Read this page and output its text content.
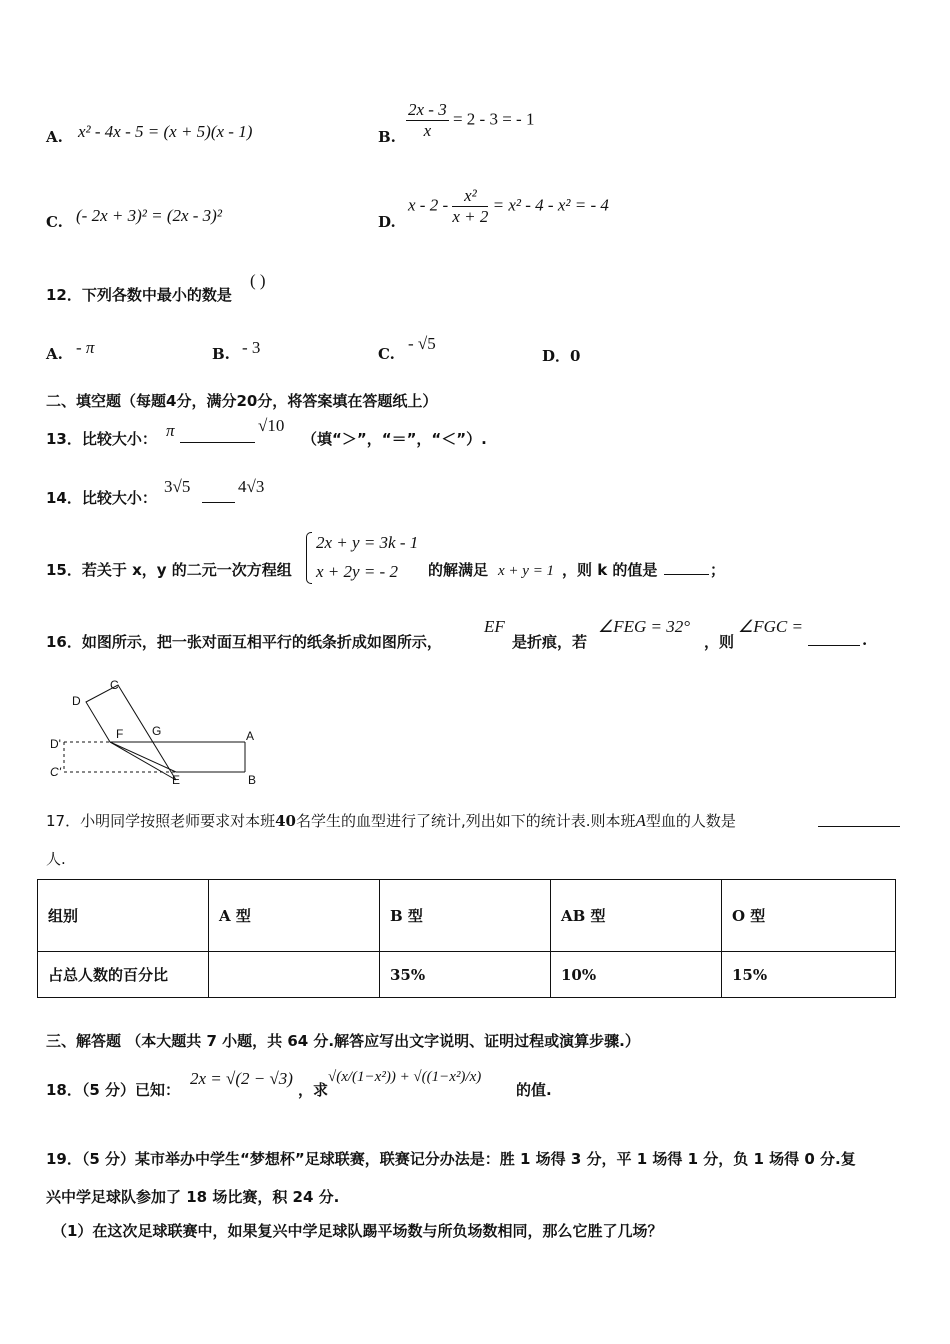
A. x² - 4x - 5 = (x + 5)(x - 1)	B. $\frac{2x - 3}{x} = 2 - 3$ = - 1
C. (- 2x + 3)² = (2x - 3)²	D.
$x - 2 - \frac{\text{x²}}{x + 2} = x^2 - 4 - x^2$ = - 4
12．下列各数中最小的数是
( )
A. - π	B. - 3	C.
- √5
D．0
二、填空题（每题4分，满分20分，将答案填在答题纸上）
13．比较大小： π	√10
（填“＞”，“＝”，“＜”）.
14．比较大小：
3√5	4√3
15．若关于 x，y 的二元一次方程组
2x + y = 3k - 1
x + 2y = - 2 的解满足 x + y = 1 ，则 k 的值是	；
16．如图所示，把一张对面互相平行的纸条折成如图所示，
EF
是折痕，若
∠FEG = 32°
，则
∠FGC =
.
D
C
F G	A
D'
C'
E	B
17．小明同学按照老师要求对本班40名学生的血型进行了统计,列出如下的统计表.则本班A型血的人数是
人.
组别	A 型	B 型	AB 型	O 型
占总人数的百分比		35%	10%	15%
三、解答题 （本大题共 7 小题，共 64 分.解答应写出文字说明、证明过程或演算步骤.）
18．（5 分）已知：
2x = √(2 − √3)
，求
√(x/(1−x²)) + √((1−x²)/x)
的值.
19．（5 分）某市举办中学生“梦想杯”足球联赛，联赛记分办法是：胜 1 场得 3 分，平 1 场得 1 分，负 1 场得 0 分.复
兴中学足球队参加了 18 场比赛，积 24 分.
（1）在这次足球联赛中，如果复兴中学足球队踢平场数与所负场数相同，那么它胜了几场？
